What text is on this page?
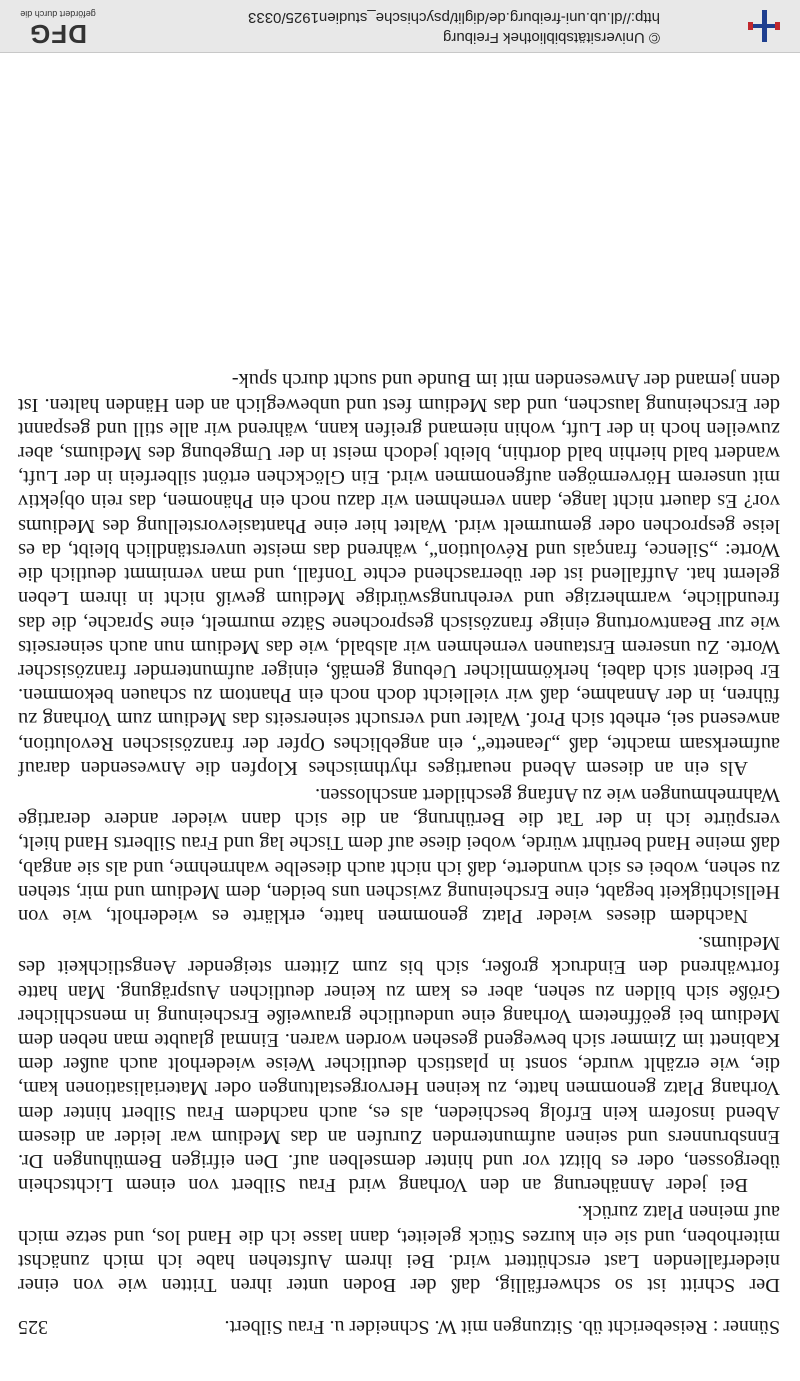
Sünner : Reisebericht üb. Sitzungen mit W. Schneider u. Frau Silbert.
325

Der Schritt ist so schwerfällig, daß der Boden unter ihren Tritten wie von einer niederfallenden Last erschüttert wird. Bei ihrem Aufstehen habe ich mich zunächst miterhoben, und sie ein kurzes Stück geleitet, dann lasse ich die Hand los, und setze mich auf meinen Platz zurück.

Bei jeder Annäherung an den Vorhang wird Frau Silbert von einem Lichtschein übergossen, oder es blitzt vor und hinter demselben auf. Den eifrigen Bemühungen Dr. Ennsbrunners und seinen aufmunternden Zurufen an das Medium war leider an diesem Abend insofern kein Erfolg beschieden, als es, auch nachdem Frau Silbert hinter dem Vorhang Platz genommen hatte, zu keinen Hervorgestaltungen oder Materialisationen kam, die, wie erzählt wurde, sonst in plastisch deutlicher Weise wiederholt auch außer dem Kabinett im Zimmer sich bewegend gesehen worden waren. Einmal glaubte man neben dem Medium bei geöffnetem Vorhang eine undeutliche grauweiße Erscheinung in menschlicher Größe sich bilden zu sehen, aber es kam zu keiner deutlichen Ausprägung. Man hatte fortwährend den Eindruck großer, sich bis zum Zittern steigender Aengstlichkeit des Mediums.

Nachdem dieses wieder Platz genommen hatte, erklärte es wiederholt, wie von Hellsichtigkeit begabt, eine Erscheinung zwischen uns beiden, dem Medium und mir, stehen zu sehen, wobei es sich wunderte, daß ich nicht auch dieselbe wahrnehme, und als sie angab, daß meine Hand berührt würde, wobei diese auf dem Tische lag und Frau Silberts Hand hielt, verspürte ich in der Tat die Berührung, an die sich dann wieder andere derartige Wahrnehmungen wie zu Anfang geschildert anschlossen.

Als ein an diesem Abend neuartiges rhythmisches Klopfen die Anwesenden darauf aufmerksam machte, daß „Jeanette“, ein angebliches Opfer der französischen Revolution, anwesend sei, erhebt sich Prof. Walter und versucht seinerseits das Medium zum Vorhang zu führen, in der Annahme, daß wir vielleicht doch noch ein Phantom zu schauen bekommen. Er bedient sich dabei, herkömmlicher Uebung gemäß, einiger aufmunternder französischer Worte. Zu unserem Erstaunen vernehmen wir alsbald, wie das Medium nun auch seinerseits wie zur Beantwortung einige französisch gesprochene Sätze murmelt, eine Sprache, die das freundliche, warmherzige und verehrungswürdige Medium gewiß nicht in ihrem Leben gelernt hat. Auffallend ist der überraschend echte Tonfall, und man vernimmt deutlich die Worte: „Silence, français und Révolution“, während das meiste unverständlich bleibt, da es leise gesprochen oder gemurmelt wird. Waltet hier eine Phantasievorstellung des Mediums vor? Es dauert nicht lange, dann vernehmen wir dazu noch ein Phänomen, das rein objektiv mit unserem Hörvermögen aufgenommen wird. Ein Glöckchen ertönt silberfein in der Luft, wandert bald hierhin bald dorthin, bleibt jedoch meist in der Umgebung des Mediums, aber zuweilen hoch in der Luft, wohin niemand greifen kann, während wir alle still und gespannt der Erscheinung lauschen, und das Medium fest und unbeweglich an den Händen halten. Ist denn jemand der Anwesenden mit im Bunde und sucht durch spuk-

© Universitätsbibliothek Freiburg
http://dl.ub.uni-freiburg.de/diglit/psychische_studien1925/0333
DFG
gefördert durch die
